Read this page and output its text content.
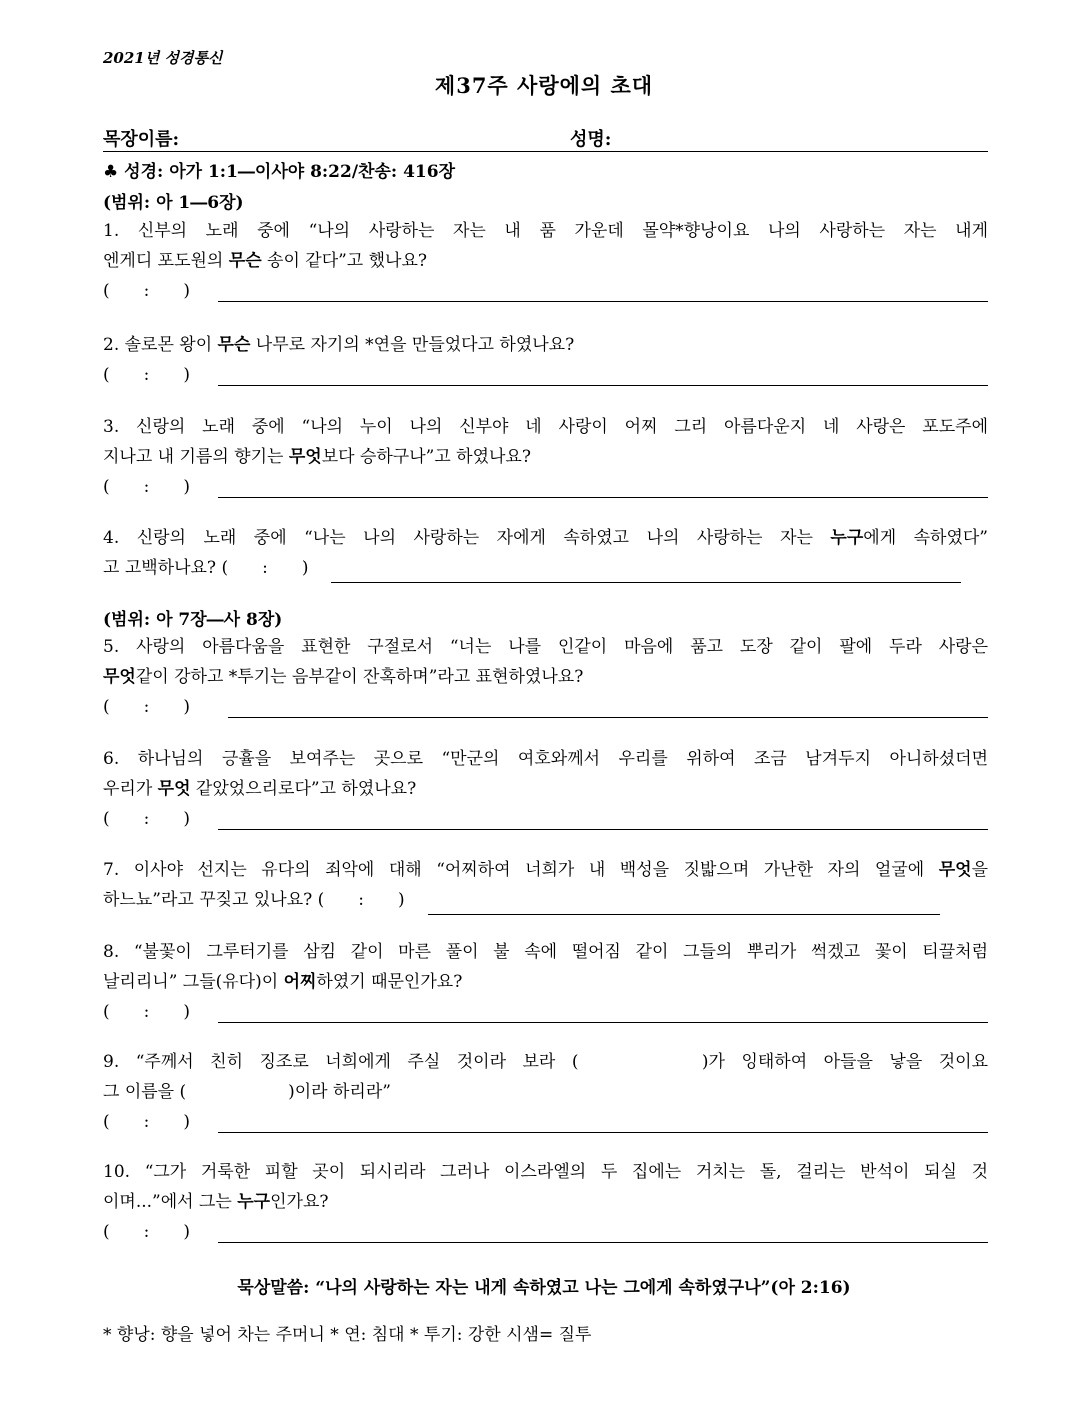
2021년 성경통신
제37주 사랑에의 초대
목장이름:	성명:
♣ 성경: 아가 1:1―이사야 8:22/찬송: 416장
(범위: 아 1―6장)
1. 신부의 노래 중에 “나의 사랑하는 자는 내 품 가운데 몰약*향낭이요 나의 사랑하는 자는 내게
엔게디 포도원의 무슨 송이 같다”고 했나요?
(　　:　　)
2. 솔로몬 왕이 무슨 나무로 자기의 *연을 만들었다고 하였나요?
(　　:　　)
3. 신랑의 노래 중에 “나의 누이 나의 신부야 네 사랑이 어찌 그리 아름다운지 네 사랑은 포도주에
지나고 내 기름의 향기는 무엇보다 승하구나”고 하였나요?
(　　:　　)
4. 신랑의 노래 중에 “나는 나의 사랑하는 자에게 속하였고 나의 사랑하는 자는 누구에게 속하였다”
고 고백하나요? (　　:　　)
(범위: 아 7장―사 8장)
5. 사랑의 아름다움을 표현한 구절로서 “너는 나를 인같이 마음에 품고 도장 같이 팔에 두라 사랑은
무엇같이 강하고 *투기는 음부같이 잔혹하며”라고 표현하였나요?
(　　:　　)
6. 하나님의 긍휼을 보여주는 곳으로 “만군의 여호와께서 우리를 위하여 조금 남겨두지 아니하셨더면
우리가 무엇 같았었으리로다”고 하였나요?
(　　:　　)
7. 이사야 선지는 유다의 죄악에 대해 “어찌하여 너희가 내 백성을 짓밟으며 가난한 자의 얼굴에 무엇을
하느뇨”라고 꾸짖고 있나요? (　　:　　)
8. “불꽃이 그루터기를 삼킴 같이 마른 풀이 불 속에 떨어짐 같이 그들의 뿌리가 썩겠고 꽃이 티끌처럼
날리리니” 그들(유다)이 어찌하였기 때문인가요?
(　　:　　)
9. “주께서 친히 징조로 너희에게 주실 것이라 보라 (　　　　)가 잉태하여 아들을 낳을 것이요
그 이름을 (　　　　　　)이라 하리라”
(　　:　　)
10. “그가 거룩한 피할 곳이 되시리라 그러나 이스라엘의 두 집에는 거치는 돌, 걸리는 반석이 되실 것
이며...”에서 그는 누구인가요?
(　　:　　)
묵상말씀: “나의 사랑하는 자는 내게 속하였고 나는 그에게 속하였구나”(아 2:16)
* 향낭: 향을 넣어 차는 주머니 * 연: 침대 * 투기: 강한 시샘= 질투
